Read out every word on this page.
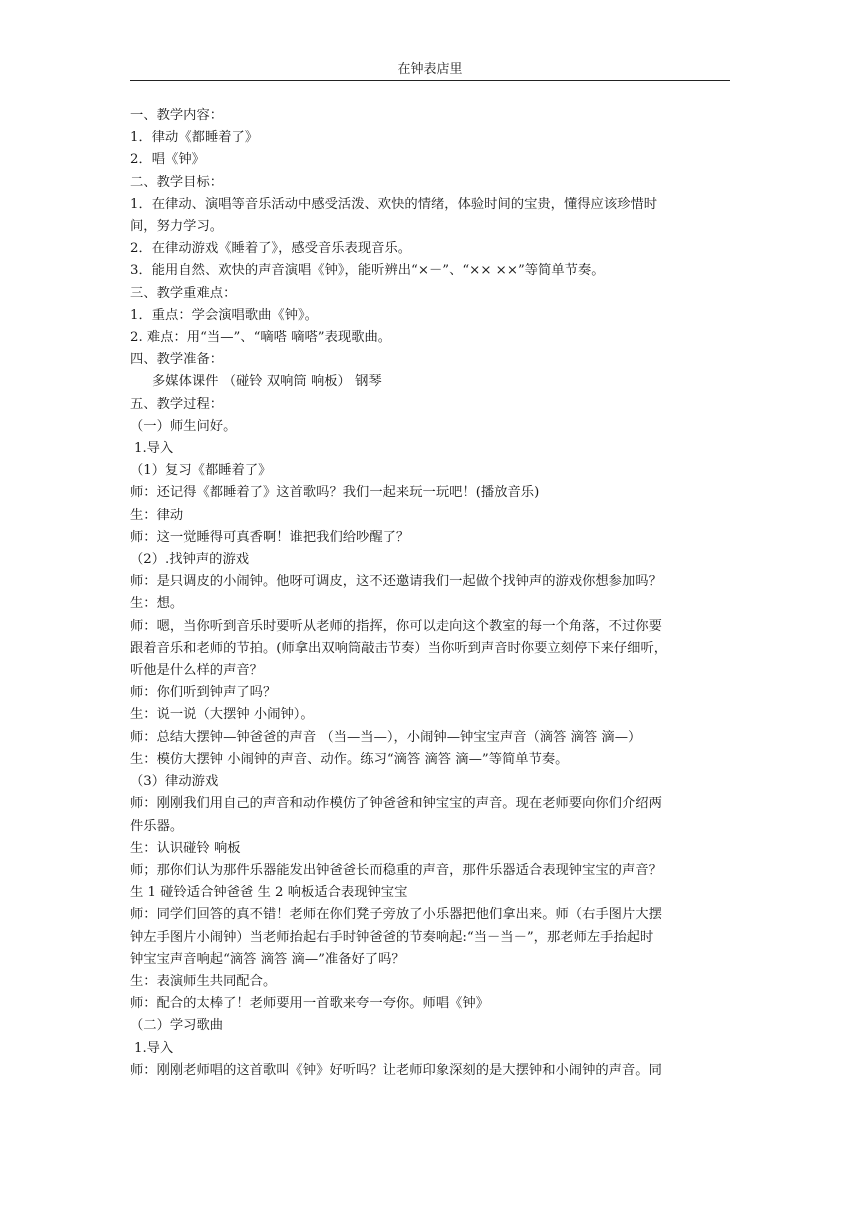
在钟表店里

一、教学内容：

1．律动《都睡着了》

2．唱《钟》

二、教学目标：

1．在律动、演唱等音乐活动中感受活泼、欢快的情绪，体验时间的宝贵，懂得应该珍惜时

间，努力学习。

2．在律动游戏《睡着了》，感受音乐表现音乐。

3．能用自然、欢快的声音演唱《钟》，能听辨出“×－”、“×× ××”等简单节奏。

三、教学重难点：

1．重点：学会演唱歌曲《钟》。

2. 难点：用“当—”、“嘀嗒 嘀嗒”表现歌曲。

四、教学准备：

多媒体课件 （碰铃 双响筒 响板） 钢琴

五、教学过程：

（一）师生问好。

1.导入

（1）复习《都睡着了》

师：还记得《都睡着了》这首歌吗？我们一起来玩一玩吧！(播放音乐)

生：律动

师：这一觉睡得可真香啊！谁把我们给吵醒了？

（2）.找钟声的游戏

师：是只调皮的小闹钟。他呀可调皮，这不还邀请我们一起做个找钟声的游戏你想参加吗？

生：想。

师：嗯，当你听到音乐时要听从老师的指挥，你可以走向这个教室的每一个角落，不过你要

跟着音乐和老师的节拍。(师拿出双响筒敲击节奏）当你听到声音时你要立刻停下来仔细听，

听他是什么样的声音？

师：你们听到钟声了吗？

生：说一说（大摆钟 小闹钟）。

师：总结大摆钟—钟爸爸的声音 （当—当—），小闹钟—钟宝宝声音（滴答 滴答 滴—）

生：模仿大摆钟 小闹钟的声音、动作。练习“滴答 滴答 滴—”等简单节奏。

（3）律动游戏

师：刚刚我们用自己的声音和动作模仿了钟爸爸和钟宝宝的声音。现在老师要向你们介绍两

件乐器。

生：认识碰铃 响板

师；那你们认为那件乐器能发出钟爸爸长而稳重的声音，那件乐器适合表现钟宝宝的声音？

生 1 碰铃适合钟爸爸 生 2 响板适合表现钟宝宝

师：同学们回答的真不错！老师在你们凳子旁放了小乐器把他们拿出来。师（右手图片大摆

钟左手图片小闹钟）当老师抬起右手时钟爸爸的节奏响起:“当－当－”，那老师左手抬起时

钟宝宝声音响起“滴答 滴答 滴—”准备好了吗？

生：表演师生共同配合。

师：配合的太棒了！老师要用一首歌来夸一夸你。师唱《钟》

（二）学习歌曲

1.导入

师：刚刚老师唱的这首歌叫《钟》好听吗？让老师印象深刻的是大摆钟和小闹钟的声音。同
